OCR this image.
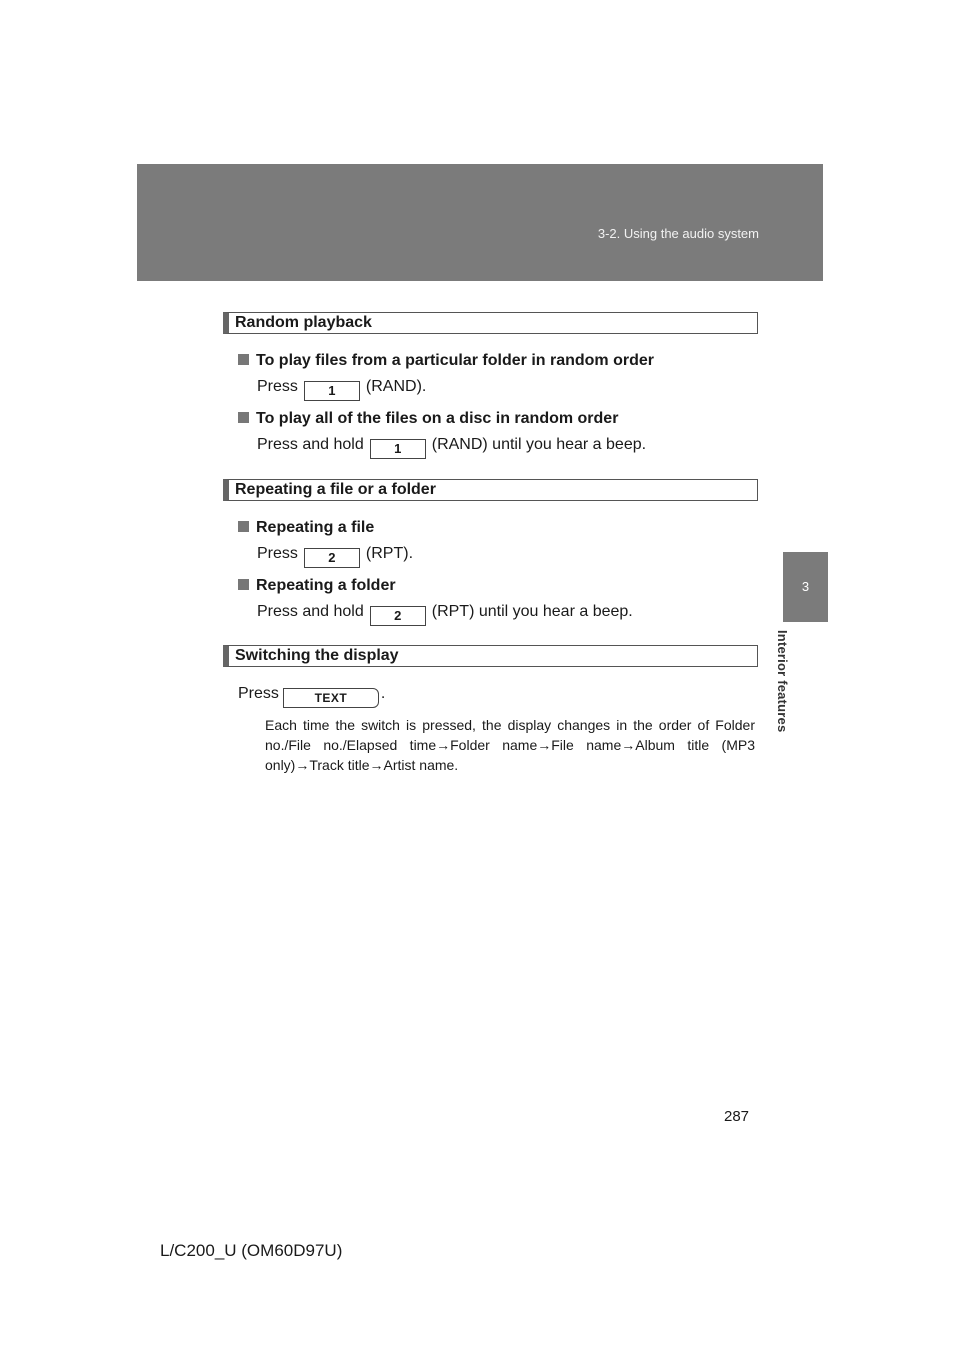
3-2. Using the audio system
3
Interior features
Random playback
To play files from a particular folder in random order
Press 1 (RAND).
To play all of the files on a disc in random order
Press and hold 1 (RAND) until you hear a beep.
Repeating a file or a folder
Repeating a file
Press 2 (RPT).
Repeating a folder
Press and hold 2 (RPT) until you hear a beep.
Switching the display
Press	TEXT .
Each time the switch is pressed, the display changes in the order of Folder no./File no./Elapsed time→Folder name→File name→Album title (MP3 only)→Track title→Artist name.
287
L/C200_U (OM60D97U)
